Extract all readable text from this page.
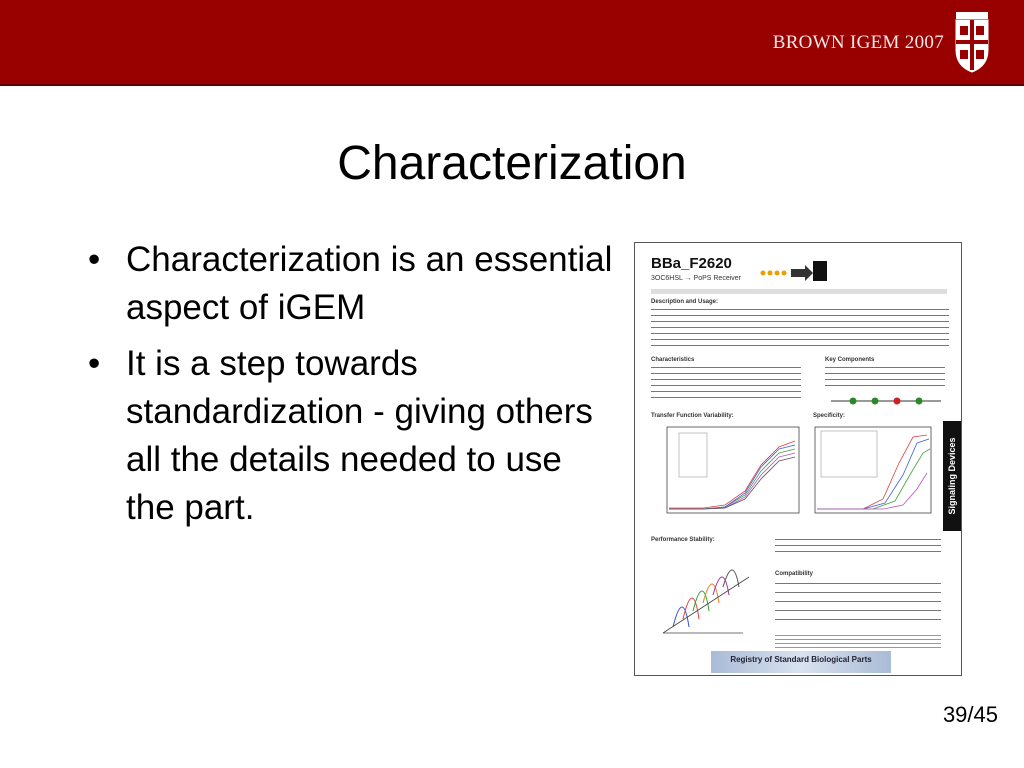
BROWN IGEM 2007
Characterization
• Characterization is an essential aspect of iGEM
• It is a step towards standardization - giving others all the details needed to use the part.
BBa_F2620
3OC6HSL → PoPS Receiver
Description and Usage:
Characteristics	Key Components
Transfer Function Variability:	Specificity:
Performance Stability:
Compatibility
Registry of Standard Biological Parts
Signaling Devices
39/45
